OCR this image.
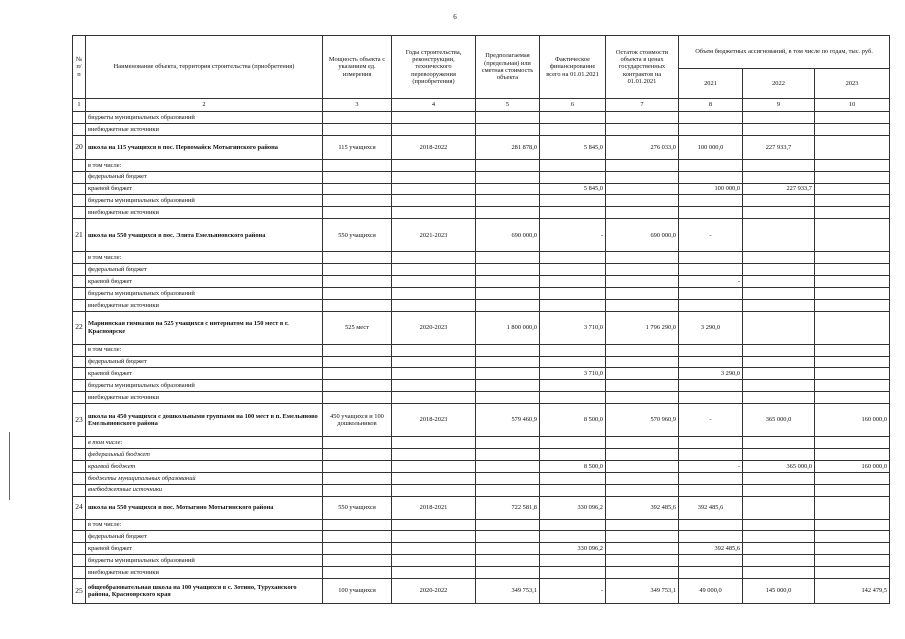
6
№ п/п	Наименование объекта, территория строительства (приобретения)	Мощность объекта с указанием ед. измерения	Годы строительства, реконструкции, технического перевооружения (приобретения)	Предполагаемая (предельная) или сметная стоимость объекта	Фактическое финансирование всего на 01.01.2021	Остаток стоимости объекта в ценах государственных контрактов на 01.01.2021	Объем бюджетных ассигнований, в том числе по годам, тыс. руб.		
							2021	2022	2023
1	2	3	4	5	6	7	8	9	10
	бюджеты муниципальных образований								
	внебюджетные источники								
20	школа на 115 учащихся в пос. Первомайск Мотыгинского района	115 учащихся	2018-2022	281 878,0	5 845,0	276 033,0	100 000,0	227 933,7	
	в том числе:								
	федеральный бюджет								
	краевой бюджет				5 845,0		100 000,0	227 933,7	
	бюджеты муниципальных образований								
	внебюджетные источники								
21	школа на 550 учащихся в пос. Элита Емельяновского района	550 учащихся	2021-2023	690 000,0	-	690 000,0	-		
	в том числе:								
	федеральный бюджет								
	краевой бюджет						-		
	бюджеты муниципальных образований								
	внебюджетные источники								
22	Мариинская гимназия на 525 учащихся с интернатом на 150 мест в г. Красноярске	525 мест	2020-2023	1 800 000,0	3 710,0	1 796 290,0	3 290,0		
	в том числе:								
	федеральный бюджет								
	краевой бюджет				3 710,0		3 290,0		
	бюджеты муниципальных образований								
	внебюджетные источники								
23	школа на 450 учащихся с дошкольными группами на 100 мест в п. Емельяново Емельяновского района	450 учащихся и 100 дошкольников	2018-2023	579 460,9	8 500,0	570 960,9	-	365 000,0	160 000,0
	в том числе:								
	федеральный бюджет								
	краевой бюджет				8 500,0		-	365 000,0	160 000,0
	бюджеты муниципальных образований								
	внебюджетные источники								
24	школа на 550 учащихся в пос. Мотыгино Мотыгинского района	550 учащихся	2018-2021	722 581,8	330 096,2	392 485,6	392 485,6		
	в том числе:								
	федеральный бюджет								
	краевой бюджет				330 096,2		392 485,6		
	бюджеты муниципальных образований								
	внебюджетные источники								
25	общеобразовательная школа на 100 учащихся в с. Зотино, Туруханского района, Красноярского края	100 учащихся	2020-2022	349 753,1	-	349 753,1	49 000,0	145 000,0	142 479,5
